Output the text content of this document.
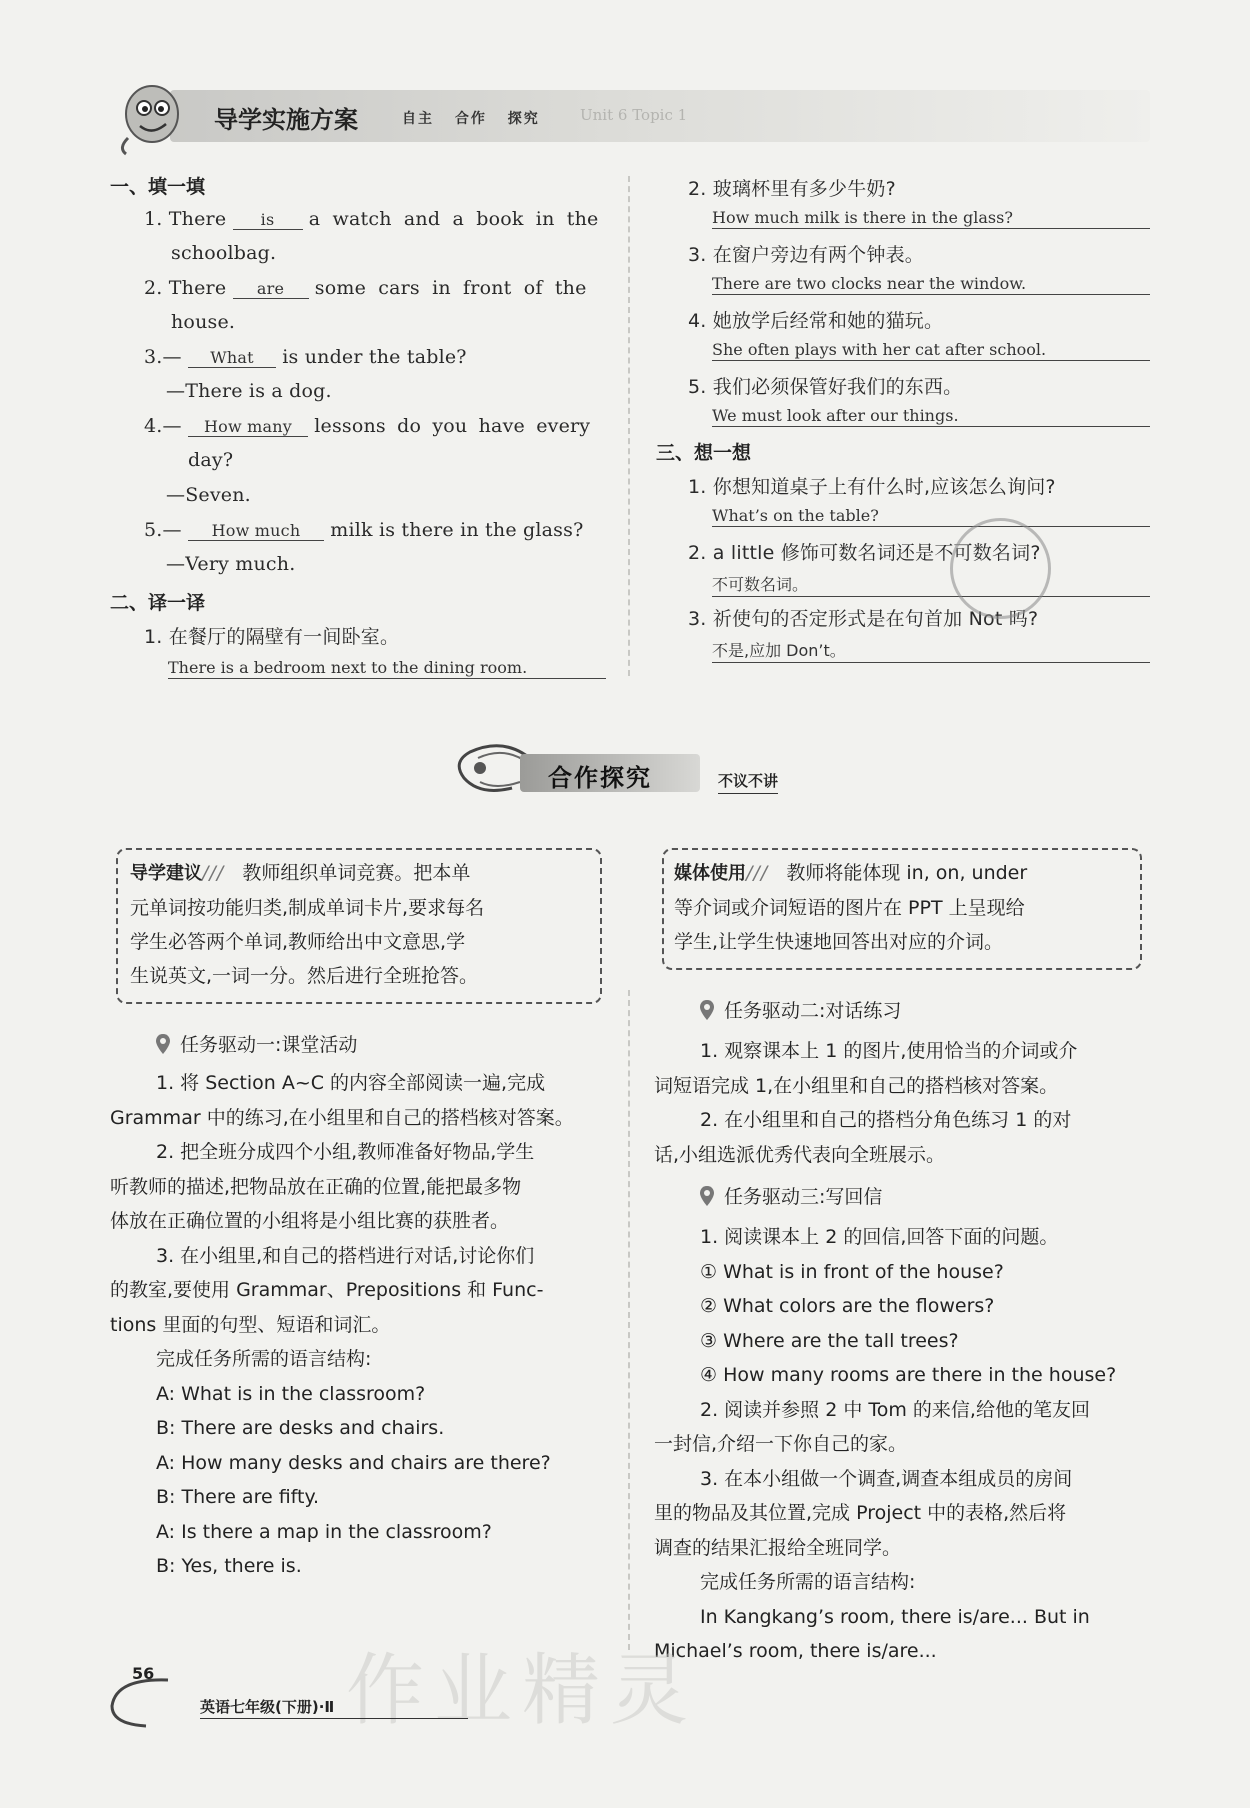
导学实施方案	自主 合作 探究	Unit 6 Topic 1
一、填一填
1. There is a watch and a book in the
schoolbag.
2. There are some cars in front of the
house.
3.— What is under the table?
—There is a dog.
4.— How many lessons do you have every
day?
—Seven.
5.— How much milk is there in the glass?
—Very much.
二、译一译
1. 在餐厅的隔壁有一间卧室。
There is a bedroom next to the dining room.
2. 玻璃杯里有多少牛奶?
How much milk is there in the glass?
3. 在窗户旁边有两个钟表。
There are two clocks near the window.
4. 她放学后经常和她的猫玩。
She often plays with her cat after school.
5. 我们必须保管好我们的东西。
We must look after our things.
三、想一想
1. 你想知道桌子上有什么时,应该怎么询问?
What’s on the table?
2. a little 修饰可数名词还是不可数名词?
不可数名词。
3. 祈使句的否定形式是在句首加 Not 吗?
不是,应加 Don’t。
合作探究	不议不讲
导学建议/// 教师组织单词竞赛。把本单
元单词按功能归类,制成单词卡片,要求每名
学生必答两个单词,教师给出中文意思,学
生说英文,一词一分。然后进行全班抢答。
媒体使用/// 教师将能体现 in, on, under
等介词或介词短语的图片在 PPT 上呈现给
学生,让学生快速地回答出对应的介词。
任务驱动一:课堂活动
1. 将 Section A~C 的内容全部阅读一遍,完成
Grammar 中的练习,在小组里和自己的搭档核对答案。
2. 把全班分成四个小组,教师准备好物品,学生
听教师的描述,把物品放在正确的位置,能把最多物
体放在正确位置的小组将是小组比赛的获胜者。
3. 在小组里,和自己的搭档进行对话,讨论你们
的教室,要使用 Grammar、Prepositions 和 Func-
tions 里面的句型、短语和词汇。
完成任务所需的语言结构:
A: What is in the classroom?
B: There are desks and chairs.
A: How many desks and chairs are there?
B: There are fifty.
A: Is there a map in the classroom?
B: Yes, there is.
任务驱动二:对话练习
1. 观察课本上 1 的图片,使用恰当的介词或介
词短语完成 1,在小组里和自己的搭档核对答案。
2. 在小组里和自己的搭档分角色练习 1 的对
话,小组选派优秀代表向全班展示。
任务驱动三:写回信
1. 阅读课本上 2 的回信,回答下面的问题。
① What is in front of the house?
② What colors are the flowers?
③ Where are the tall trees?
④ How many rooms are there in the house?
2. 阅读并参照 2 中 Tom 的来信,给他的笔友回
一封信,介绍一下你自己的家。
3. 在本小组做一个调查,调查本组成员的房间
里的物品及其位置,完成 Project 中的表格,然后将
调查的结果汇报给全班同学。
完成任务所需的语言结构:
In Kangkang’s room, there is/are... But in
Michael’s room, there is/are...
作业精灵
56
英语七年级(下册)·Ⅱ
